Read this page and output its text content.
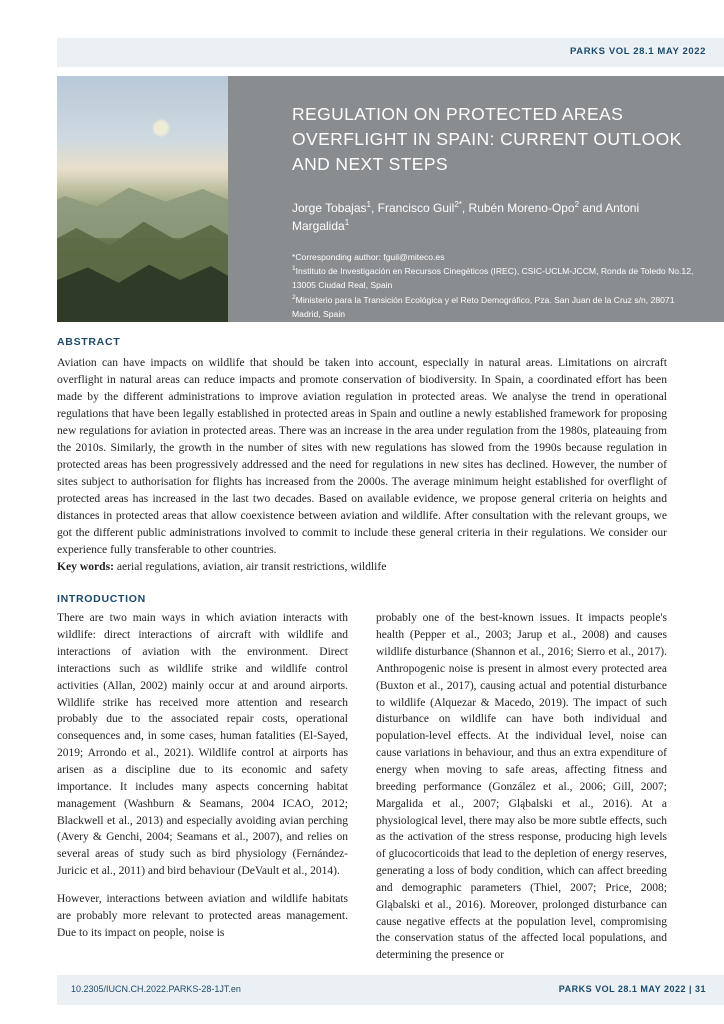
PARKS VOL 28.1 MAY 2022
REGULATION ON PROTECTED AREAS OVERFLIGHT IN SPAIN: CURRENT OUTLOOK AND NEXT STEPS
Jorge Tobajas$^1$, Francisco Guil$^{2*}$, Rubén Moreno-Opo$^2$ and Antoni Margalida$^1$
*Corresponding author: fguil@miteco.es
$^1$Instituto de Investigación en Recursos Cinegéticos (IREC), CSIC-UCLM-JCCM, Ronda de Toledo No.12, 13005 Ciudad Real, Spain
$^2$Ministerio para la Transición Ecológica y el Reto Demográfico, Pza. San Juan de la Cruz s/n, 28071 Madrid, Spain
ABSTRACT

Aviation can have impacts on wildlife that should be taken into account, especially in natural areas. Limitations on aircraft overflight in natural areas can reduce impacts and promote conservation of biodiversity. In Spain, a coordinated effort has been made by the different administrations to improve aviation regulation in protected areas. We analyse the trend in operational regulations that have been legally established in protected areas in Spain and outline a newly established framework for proposing new regulations for aviation in protected areas. There was an increase in the area under regulation from the 1980s, plateauing from the 2010s. Similarly, the growth in the number of sites with new regulations has slowed from the 1990s because regulation in protected areas has been progressively addressed and the need for regulations in new sites has declined. However, the number of sites subject to authorisation for flights has increased from the 2000s. The average minimum height established for overflight of protected areas has increased in the last two decades. Based on available evidence, we propose general criteria on heights and distances in protected areas that allow coexistence between aviation and wildlife. After consultation with the relevant groups, we got the different public administrations involved to commit to include these general criteria in their regulations. We consider our experience fully transferable to other countries.

Key words: aerial regulations, aviation, air transit restrictions, wildlife

INTRODUCTION

There are two main ways in which aviation interacts with wildlife: direct interactions of aircraft with wildlife and interactions of aviation with the environment. Direct interactions such as wildlife strike and wildlife control activities (Allan, 2002) mainly occur at and around airports. Wildlife strike has received more attention and research probably due to the associated repair costs, operational consequences and, in some cases, human fatalities (El-Sayed, 2019; Arrondo et al., 2021). Wildlife control at airports has arisen as a discipline due to its economic and safety importance. It includes many aspects concerning habitat management (Washburn & Seamans, 2004 ICAO, 2012; Blackwell et al., 2013) and especially avoiding avian perching (Avery & Genchi, 2004; Seamans et al., 2007), and relies on several areas of study such as bird physiology (Fernández-Juricic et al., 2011) and bird behaviour (DeVault et al., 2014).

However, interactions between aviation and wildlife habitats are probably more relevant to protected areas management. Due to its impact on people, noise is

probably one of the best-known issues. It impacts people's health (Pepper et al., 2003; Jarup et al., 2008) and causes wildlife disturbance (Shannon et al., 2016; Sierro et al., 2017). Anthropogenic noise is present in almost every protected area (Buxton et al., 2017), causing actual and potential disturbance to wildlife (Alquezar & Macedo, 2019). The impact of such disturbance on wildlife can have both individual and population-level effects. At the individual level, noise can cause variations in behaviour, and thus an extra expenditure of energy when moving to safe areas, affecting fitness and breeding performance (González et al., 2006; Gill, 2007; Margalida et al., 2007; Gląbalski et al., 2016). At a physiological level, there may also be more subtle effects, such as the activation of the stress response, producing high levels of glucocorticoids that lead to the depletion of energy reserves, generating a loss of body condition, which can affect breeding and demographic parameters (Thiel, 2007; Price, 2008; Gląbalski et al., 2016). Moreover, prolonged disturbance can cause negative effects at the population level, compromising the conservation status of the affected local populations, and determining the presence or

10.2305/IUCN.CH.2022.PARKS-28-1JT.en	PARKS VOL 28.1 MAY 2022 | 31
